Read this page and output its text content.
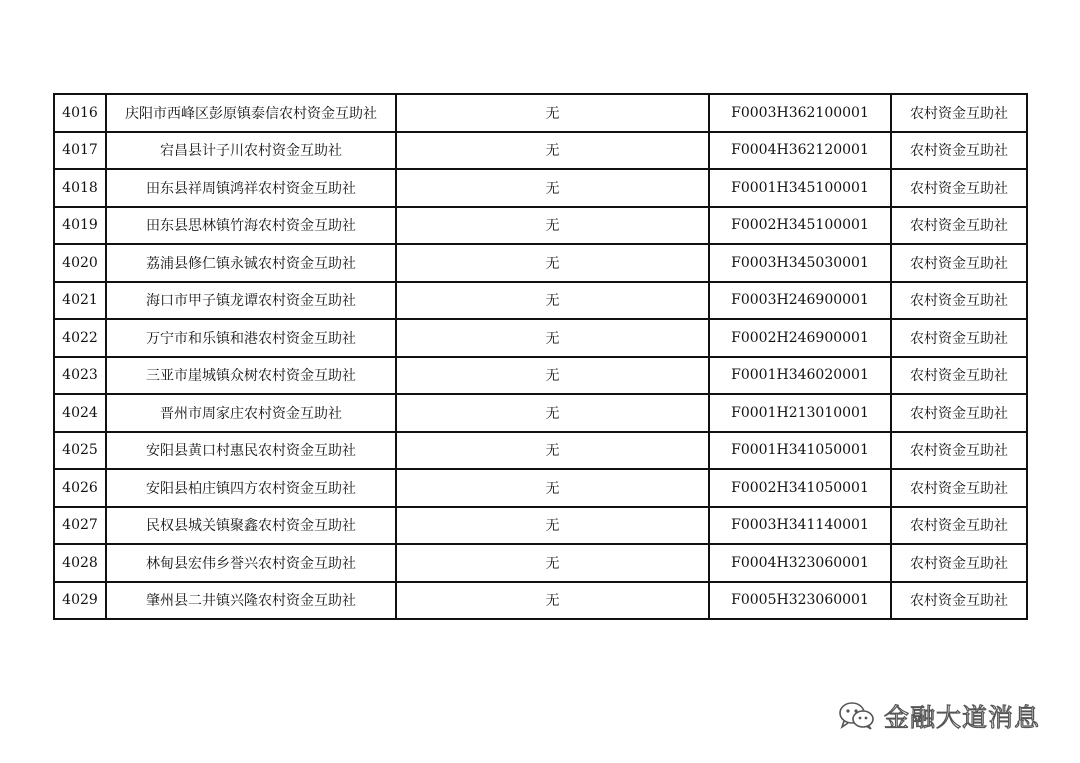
4016	庆阳市西峰区彭原镇泰信农村资金互助社	无	F0003H362100001	农村资金互助社
4017	宕昌县计子川农村资金互助社	无	F0004H362120001	农村资金互助社
4018	田东县祥周镇鸿祥农村资金互助社	无	F0001H345100001	农村资金互助社
4019	田东县思林镇竹海农村资金互助社	无	F0002H345100001	农村资金互助社
4020	荔浦县修仁镇永铖农村资金互助社	无	F0003H345030001	农村资金互助社
4021	海口市甲子镇龙谭农村资金互助社	无	F0003H246900001	农村资金互助社
4022	万宁市和乐镇和港农村资金互助社	无	F0002H246900001	农村资金互助社
4023	三亚市崖城镇众树农村资金互助社	无	F0001H346020001	农村资金互助社
4024	晋州市周家庄农村资金互助社	无	F0001H213010001	农村资金互助社
4025	安阳县黄口村惠民农村资金互助社	无	F0001H341050001	农村资金互助社
4026	安阳县柏庄镇四方农村资金互助社	无	F0002H341050001	农村资金互助社
4027	民权县城关镇聚鑫农村资金互助社	无	F0003H341140001	农村资金互助社
4028	林甸县宏伟乡誉兴农村资金互助社	无	F0004H323060001	农村资金互助社
4029	肇州县二井镇兴隆农村资金互助社	无	F0005H323060001	农村资金互助社
金融大道消息
